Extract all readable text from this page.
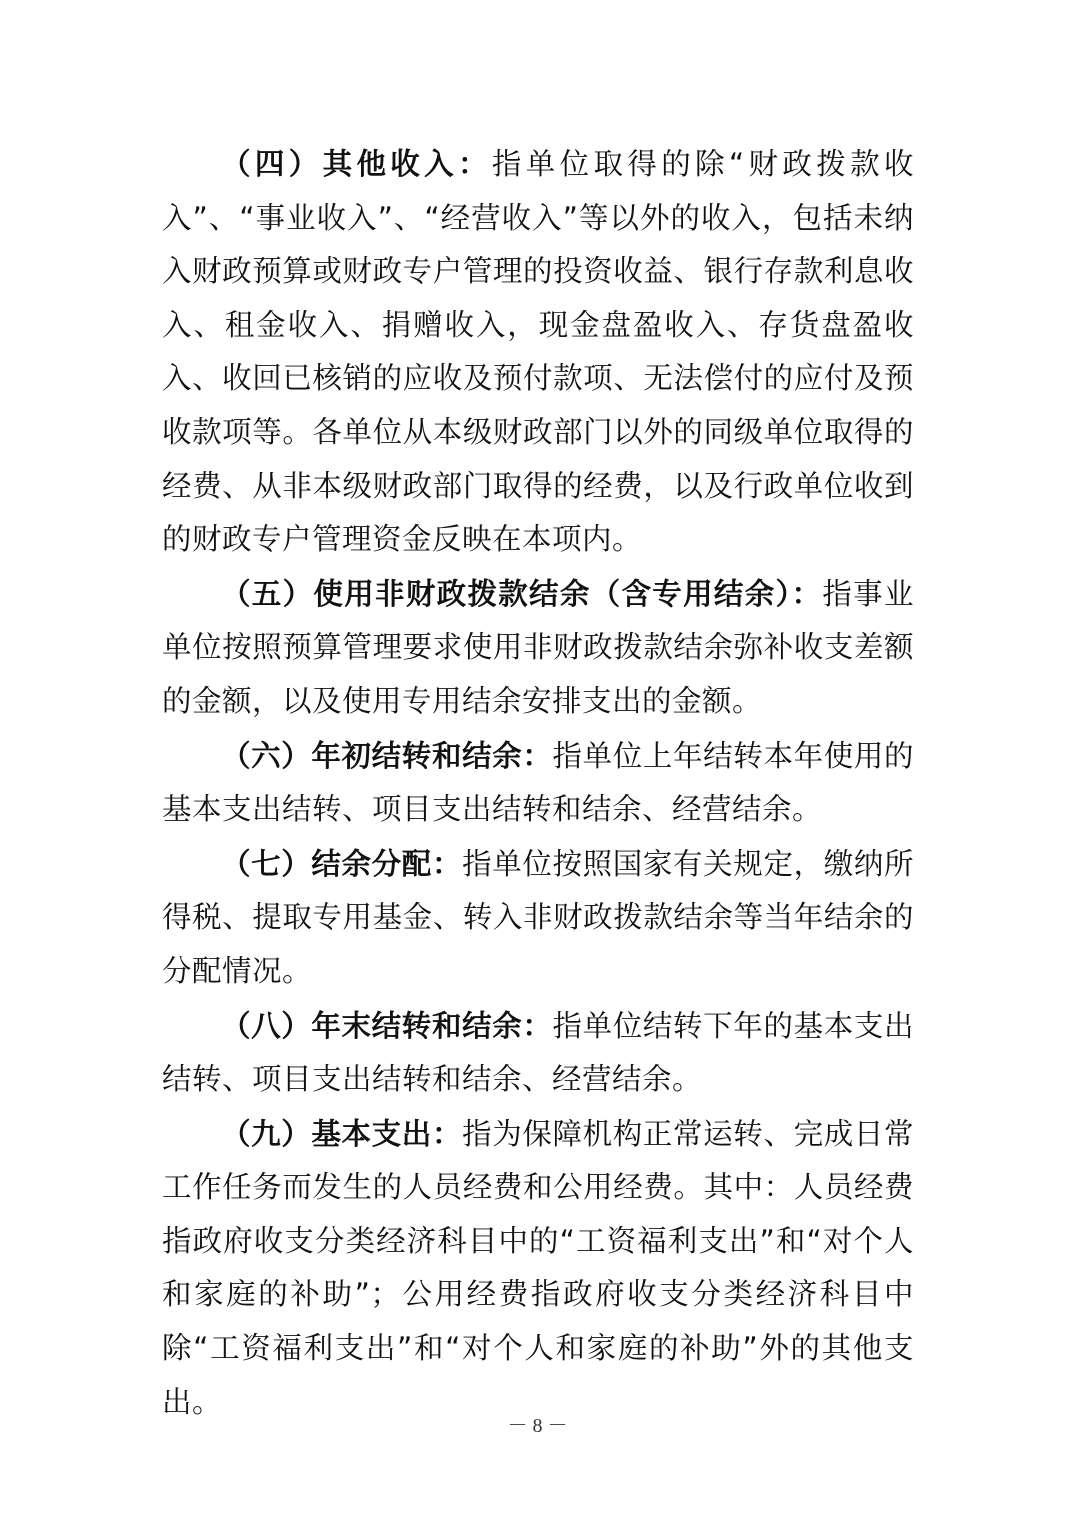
（四）其他收入：指单位取得的除“财政拨款收入”、“事业收入”、“经营收入”等以外的收入，包括未纳入财政预算或财政专户管理的投资收益、银行存款利息收入、租金收入、捐赠收入，现金盘盈收入、存货盘盈收入、收回已核销的应收及预付款项、无法偿付的应付及预收款项等。各单位从本级财政部门以外的同级单位取得的经费、从非本级财政部门取得的经费，以及行政单位收到的财政专户管理资金反映在本项内。

（五）使用非财政拨款结余（含专用结余）：指事业单位按照预算管理要求使用非财政拨款结余弥补收支差额的金额，以及使用专用结余安排支出的金额。

（六）年初结转和结余：指单位上年结转本年使用的基本支出结转、项目支出结转和结余、经营结余。

（七）结余分配：指单位按照国家有关规定，缴纳所得税、提取专用基金、转入非财政拨款结余等当年结余的分配情况。

（八）年末结转和结余：指单位结转下年的基本支出结转、项目支出结转和结余、经营结余。

（九）基本支出：指为保障机构正常运转、完成日常工作任务而发生的人员经费和公用经费。其中：人员经费指政府收支分类经济科目中的“工资福利支出”和“对个人和家庭的补助”；公用经费指政府收支分类经济科目中除“工资福利支出”和“对个人和家庭的补助”外的其他支出。

－ 8 －
